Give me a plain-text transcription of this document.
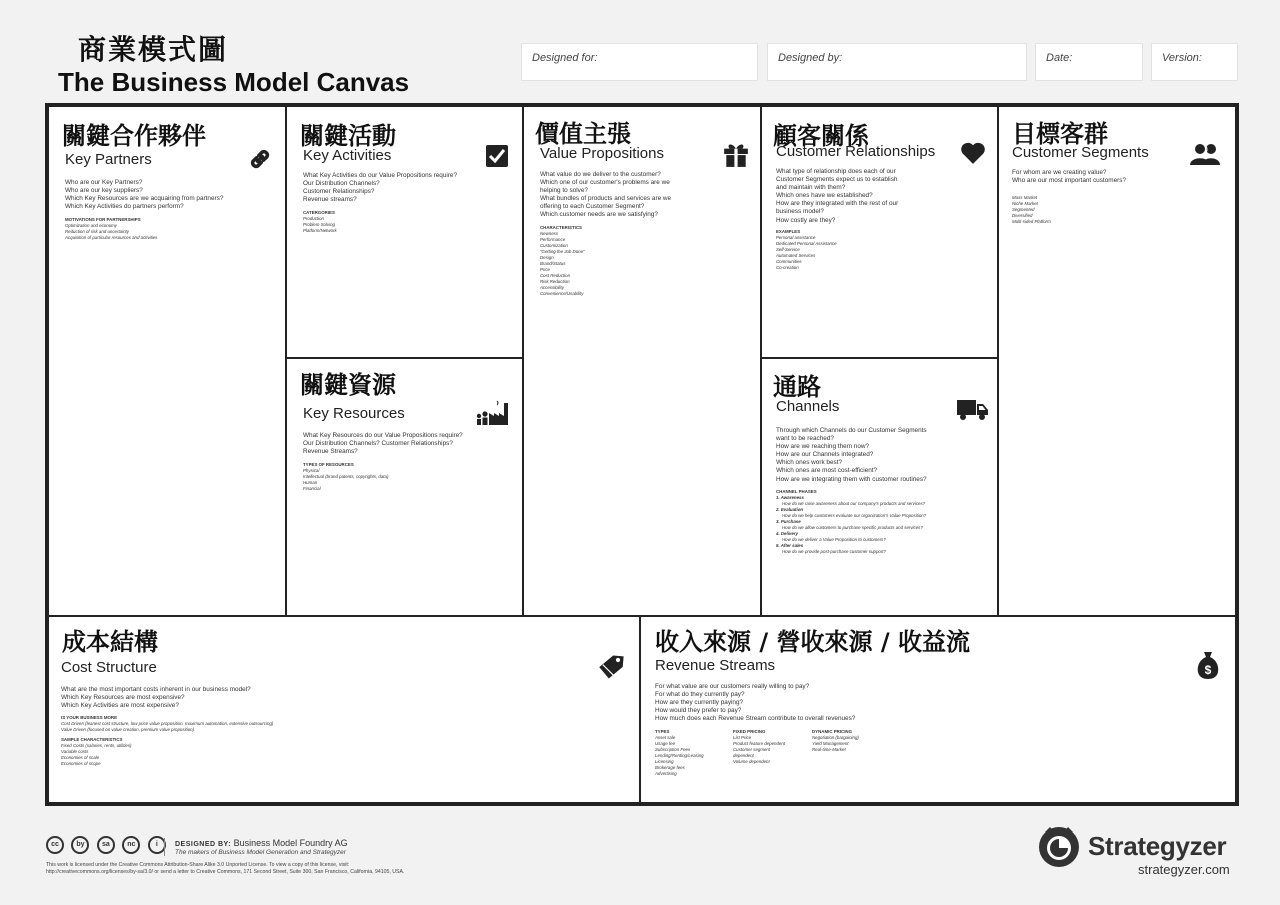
商業模式圖
The Business Model Canvas
Designed for:	Designed by:	Date:	Version:
關鍵合作夥伴
Key Partners
Who are our Key Partners?
Who are our key suppliers?
Which Key Resources are we acquairing from partners?
Which Key Activities do partners perform?
MOTIVATIONS FOR PARTNERSHIPS
Optimization and economy
Reduction of risk and uncertainty
Acquisition of particular resources and activities
關鍵活動
Key Activities
What Key Activities do our Value Propositions require?
Our Distribution Channels?
Customer Relationships?
Revenue streams?
CATERGORIES
Production
Problem Solving
Platform/Network
關鍵資源
Key Resources
What Key Resources do our Value Propositions require?
Our Distribution Channels? Customer Relationships?
Revenue Streams?
TYPES OF RESOURCES
Physical
Intellectual (brand patents, copyrights, data)
Human
Financial
價值主張
Value Propositions
What value do we deliver to the customer?
Which one of our customer's problems are we
helping to solve?
What bundles of products and services are we
offering to each Customer Segment?
Which customer needs are we satisfying?
CHARACTERISTICS
Newness
Performance
Customization
"Getting the Job Done"
Design
Brand/Status
Price
Cost Reduction
Risk Reduction
Accessibility
Convenience/Usability
顧客關係
Customer Relationships
What type of relationship does each of our
Customer Segments expect us to establish
and maintain with them?
Which ones have we established?
How are they integrated with the rest of our
business model?
How costly are they?
EXAMPLES
Personal assistance
Dedicated Personal Assistance
Self-Service
Automated Services
Communities
Co-creation
通路
Channels
Through which Channels do our Customer Segments
want to be reached?
How are we reaching them now?
How are our Channels integrated?
Which ones work best?
Which ones are most cost-efficient?
How are we integrating them with customer routines?
CHANNEL PHASES
1. Awareness
How do we raise awareness about our company's products and services?
2. Evaluation
How do we help customers evaluate our organization's Value Proposition?
3. Purchase
How do we allow customers to purchase specific products and services?
4. Delivery
How do we deliver a Value Proposition to customers?
5. After sales
How do we provide post-purchase customer support?
目標客群
Customer Segments
For whom are we creating value?
Who are our most important customers?
Mass Market
Niche Market
Segmented
Diversified
Multi-sided Platform
成本結構
Cost Structure
What are the most important costs inherent in our business model?
Which Key Resources are most expensive?
Which Key Activities are most expensive?
IS YOUR BUSINESS MORE
Cost Driven (leanest cost structure, low price value proposition, maximum automation, extensive outsourcing)
Value Driven (focused on value creation, premium value proposition)
SAMPLE CHARACTERISTICS
Fixed Costs (salaries, rents, utilities)
Variable costs
Economies of scale
Economies of scope
收入來源 / 營收來源 / 收益流
Revenue Streams	$
For what value are our customers really willing to pay?
For what do they currently pay?
How are they currently paying?
How would they prefer to pay?
How much does each Revenue Stream contribute to overall revenues?
TYPES
Asset sale
Usage fee
Subscription Fees
Lending/Renting/Leasing
Licensing
Brokerage fees
Advertising
FIXED PRICING
List Price
Product feature dependent
Customer segment
dependent
Volume dependent
DYNAMIC PRICING
Negotiation (bargaining)
Yield Management
Real-time-Market
cc by sa nc	i	DESIGNED BY: Business Model Foundry AG
The makers of Business Model Generation and Strategyzer
This work is licensed under the Creative Commons Attribution-Share Alike 3.0 Unported License. To view a copy of this license, visit:
http://creativecommons.org/licenses/by-sa/3.0/ or send a letter to Creative Commons, 171 Second Street, Suite 300, San Francisco, California, 94105, USA.
Strategyzer
strategyzer.com
